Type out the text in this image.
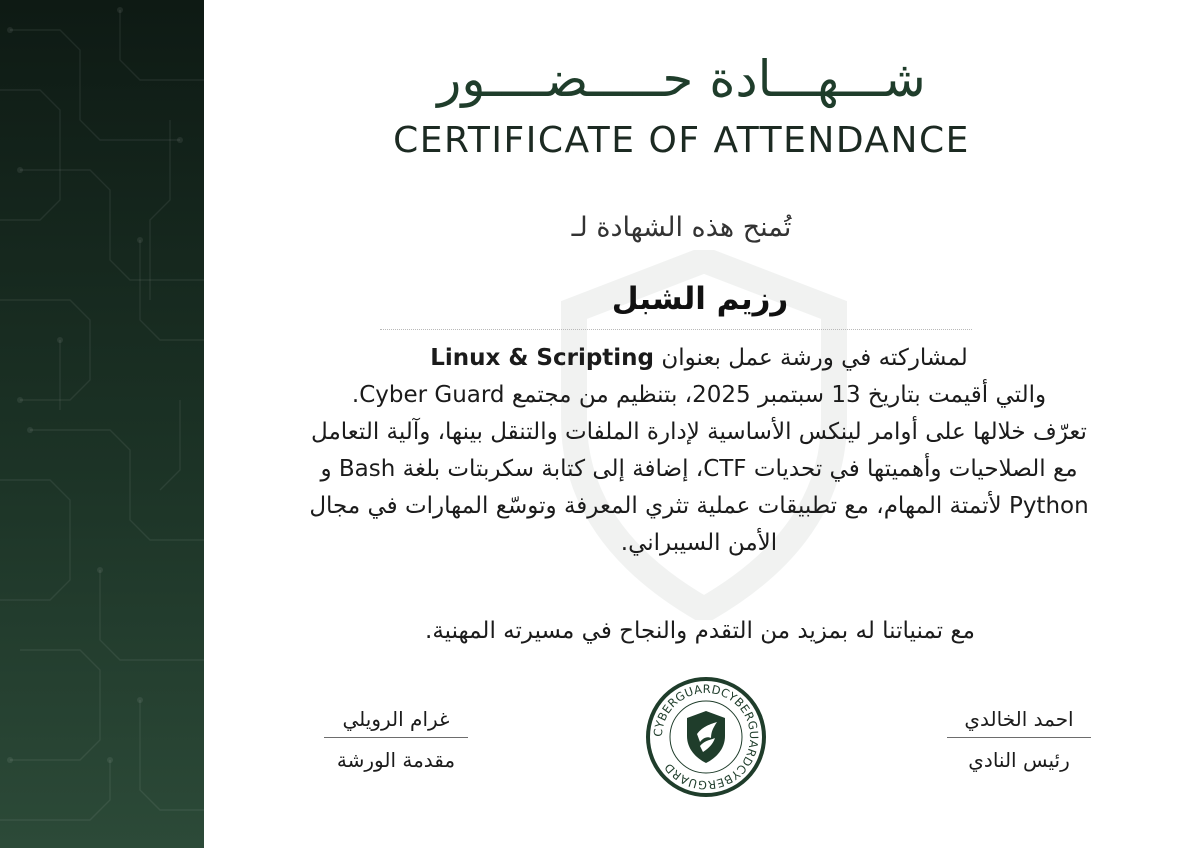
شـــهـــادة حـــــضــــور
CERTIFICATE OF ATTENDANCE
تُمنح هذه الشهادة لـ
رزيم الشبل
لمشاركته في ورشة عمل بعنوان Linux & Scripting
والتي أقيمت بتاريخ 13 سبتمبر 2025، بتنظيم من مجتمع Cyber Guard.
تعرّف خلالها على أوامر لينكس الأساسية لإدارة الملفات والتنقل بينها، وآلية التعامل
مع الصلاحيات وأهميتها في تحديات CTF، إضافة إلى كتابة سكربتات بلغة Bash و
Python لأتمتة المهام، مع تطبيقات عملية تثري المعرفة وتوسّع المهارات في مجال
الأمن السيبراني.
مع تمنياتنا له بمزيد من التقدم والنجاح في مسيرته المهنية.
غرام الرويلي
مقدمة الورشة
CYBERGUARDCYBERGUARDCYBERGUARD
احمد الخالدي
رئيس النادي
